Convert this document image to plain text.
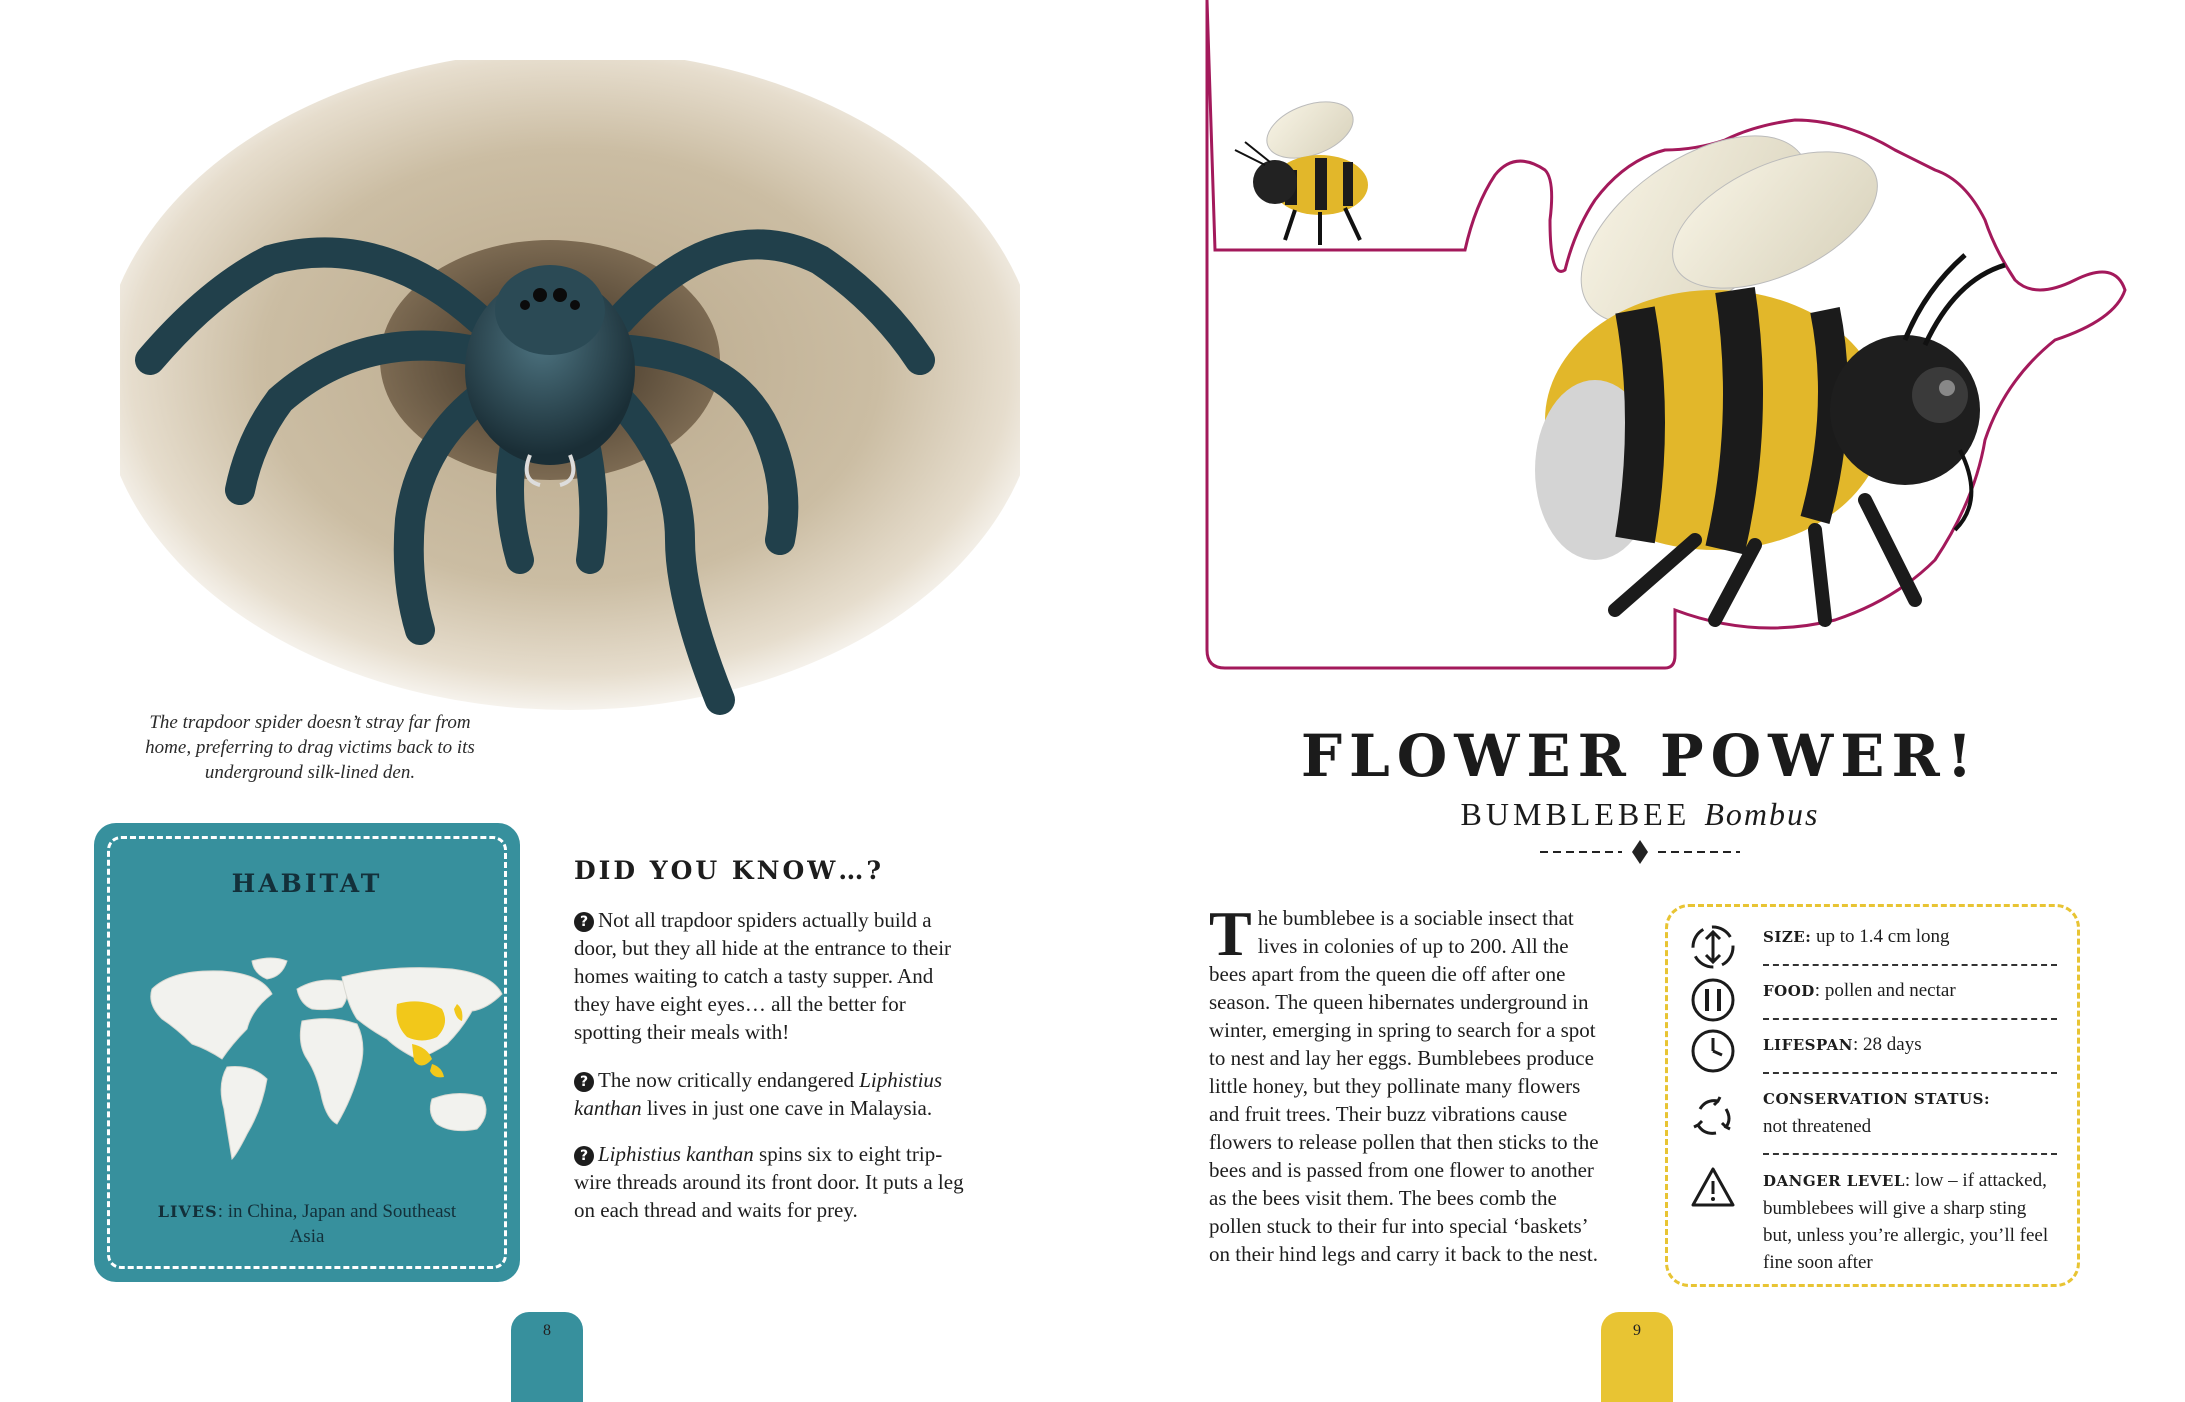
The trapdoor spider doesn’t stray far from home, preferring to drag victims back to its underground silk-lined den.
HABITAT
LIVES: in China, Japan and Southeast Asia
DID YOU KNOW…?
? Not all trapdoor spiders actually build a door, but they all hide at the entrance to their homes waiting to catch a tasty supper. And they have eight eyes… all the better for spotting their meals with!
? The now critically endangered Liphistius kanthan lives in just one cave in Malaysia.
? Liphistius kanthan spins six to eight trip-wire threads around its front door. It puts a leg on each thread and waits for prey.
8
FLOWER POWER!
BUMBLEBEE Bombus
The bumblebee is a sociable insect that lives in colonies of up to 200. All the bees apart from the queen die off after one season. The queen hibernates underground in winter, emerging in spring to search for a spot to nest and lay her eggs. Bumblebees produce little honey, but they pollinate many flowers and fruit trees. Their buzz vibrations cause flowers to release pollen that then sticks to the bees and is passed from one flower to another as the bees visit them. The bees comb the pollen stuck to their fur into special ‘baskets’ on their hind legs and carry it back to the nest.
SIZE: up to 1.4 cm long
FOOD: pollen and nectar
LIFESPAN: 28 days
CONSERVATION STATUS:
not threatened
DANGER LEVEL: low – if attacked, bumblebees will give a sharp sting but, unless you’re allergic, you’ll feel fine soon after
9
